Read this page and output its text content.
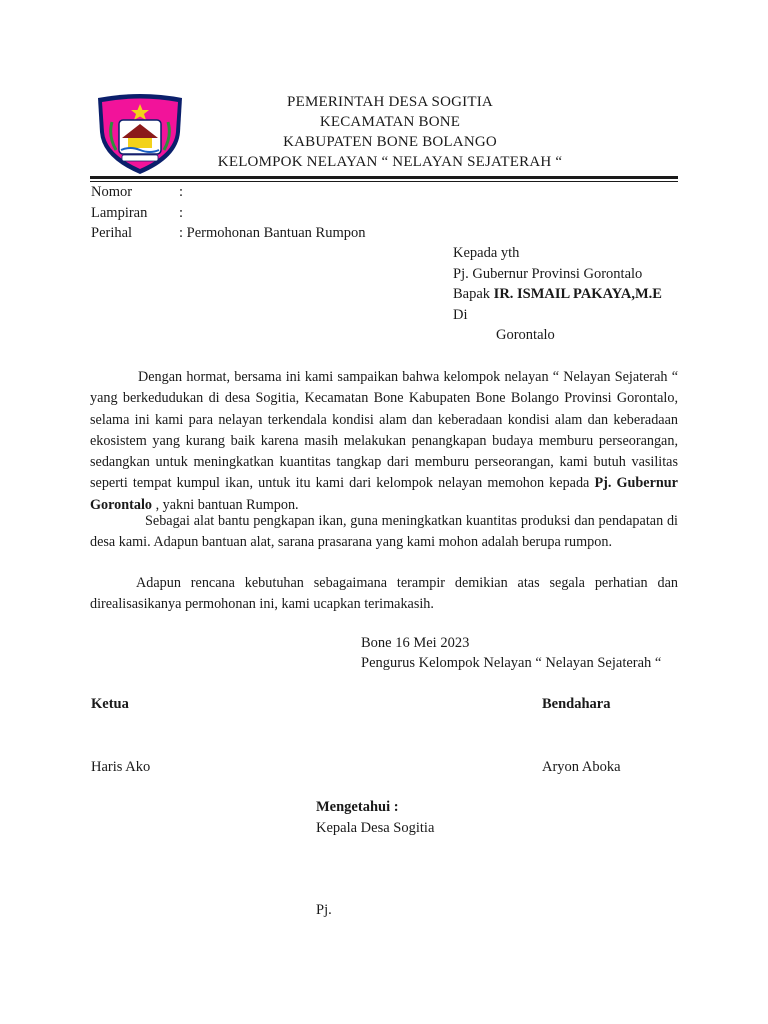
PEMERINTAH DESA SOGITIA
KECAMATAN BONE
KABUPATEN BONE BOLANGO
KELOMPOK NELAYAN “ NELAYAN SEJATERAH “
Nomor	:
Lampiran :
Perihal	: Permohonan Bantuan Rumpon
Kepada yth
Pj. Gubernur Provinsi Gorontalo
Bapak IR. ISMAIL PAKAYA,M.E
Di
Gorontalo

Dengan hormat, bersama ini kami sampaikan bahwa kelompok nelayan “ Nelayan Sejaterah “ yang berkedudukan di desa Sogitia, Kecamatan Bone Kabupaten Bone Bolango Provinsi Gorontalo, selama ini kami para nelayan terkendala kondisi alam dan keberadaan kondisi alam dan keberadaan ekosistem yang kurang baik karena masih melakukan penangkapan budaya memburu perseorangan, sedangkan untuk meningkatkan kuantitas tangkap dari memburu perseorangan, kami butuh vasilitas seperti tempat kumpul ikan, untuk itu kami dari kelompok nelayan memohon kepada Pj. Gubernur Gorontalo , yakni bantuan Rumpon.

Sebagai alat bantu pengkapan ikan, guna meningkatkan kuantitas produksi dan pendapatan di desa kami. Adapun bantuan alat, sarana prasarana yang kami mohon adalah berupa rumpon.

Adapun rencana kebutuhan sebagaimana terampir demikian atas segala perhatian dan direalisasikanya permohonan ini, kami ucapkan terimakasih.

Bone 16 Mei 2023
Pengurus Kelompok Nelayan “ Nelayan Sejaterah “
Ketua	Bendahara
Haris Ako	Aryon Aboka
Mengetahui :
Kepala Desa Sogitia
Pj.
